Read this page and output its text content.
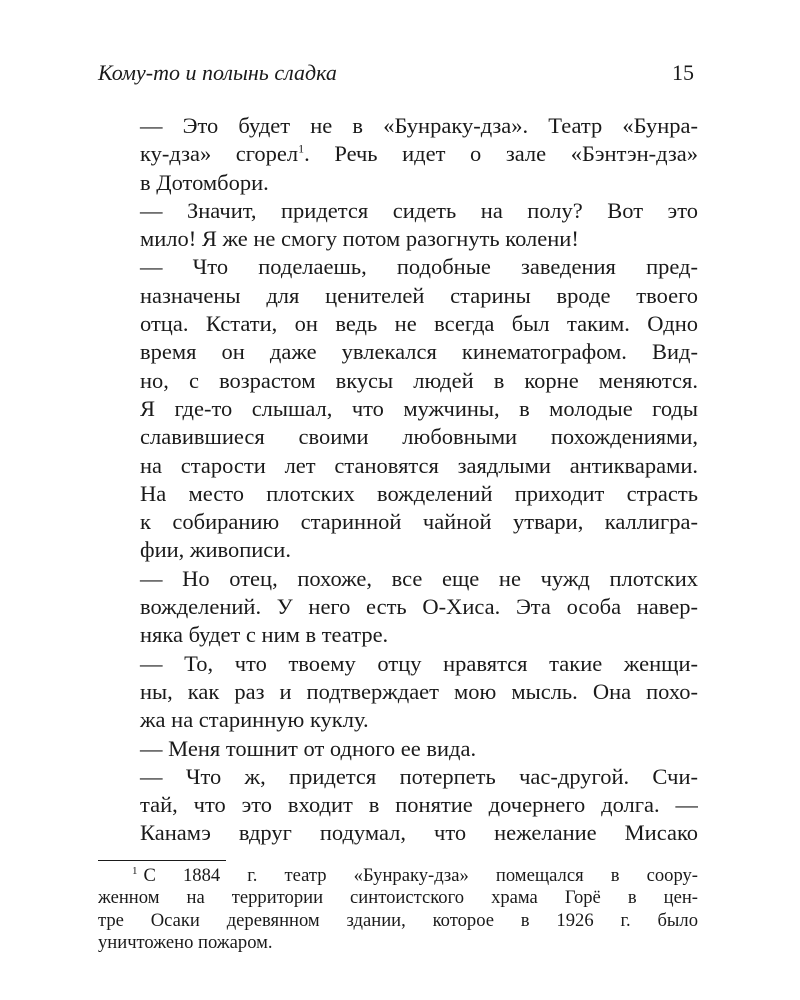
Кому-то и полынь сладка	15
— Это будет не в «Бунраку-дза». Театр «Бунра-
ку-дза» сгорел$^1$. Речь идет о зале «Бэнтэн-дза»
в Дотомбори.
— Значит, придется сидеть на полу? Вот это
мило! Я же не смогу потом разогнуть колени!
— Что поделаешь, подобные заведения пред-
назначены для ценителей старины вроде твоего
отца. Кстати, он ведь не всегда был таким. Одно
время он даже увлекался кинематографом. Вид-
но, с возрастом вкусы людей в корне меняются.
Я где-то слышал, что мужчины, в молодые годы
славившиеся своими любовными похождениями,
на старости лет становятся заядлыми антикварами.
На место плотских вожделений приходит страсть
к собиранию старинной чайной утвари, каллигра-
фии, живописи.
— Но отец, похоже, все еще не чужд плотских
вожделений. У него есть О-Хиса. Эта особа навер-
няка будет с ним в театре.
— То, что твоему отцу нравятся такие женщи-
ны, как раз и подтверждает мою мысль. Она похо-
жа на старинную куклу.
— Меня тошнит от одного ее вида.
— Что ж, придется потерпеть час-другой. Счи-
тай, что это входит в понятие дочернего долга. —
Канамэ вдруг подумал, что нежелание Мисако
$^1$ С 1884 г. театр «Бунраку-дза» помещался в соору-
женном на территории синтоистского храма Горё в цен-
тре Осаки деревянном здании, которое в 1926 г. было
уничтожено пожаром.
